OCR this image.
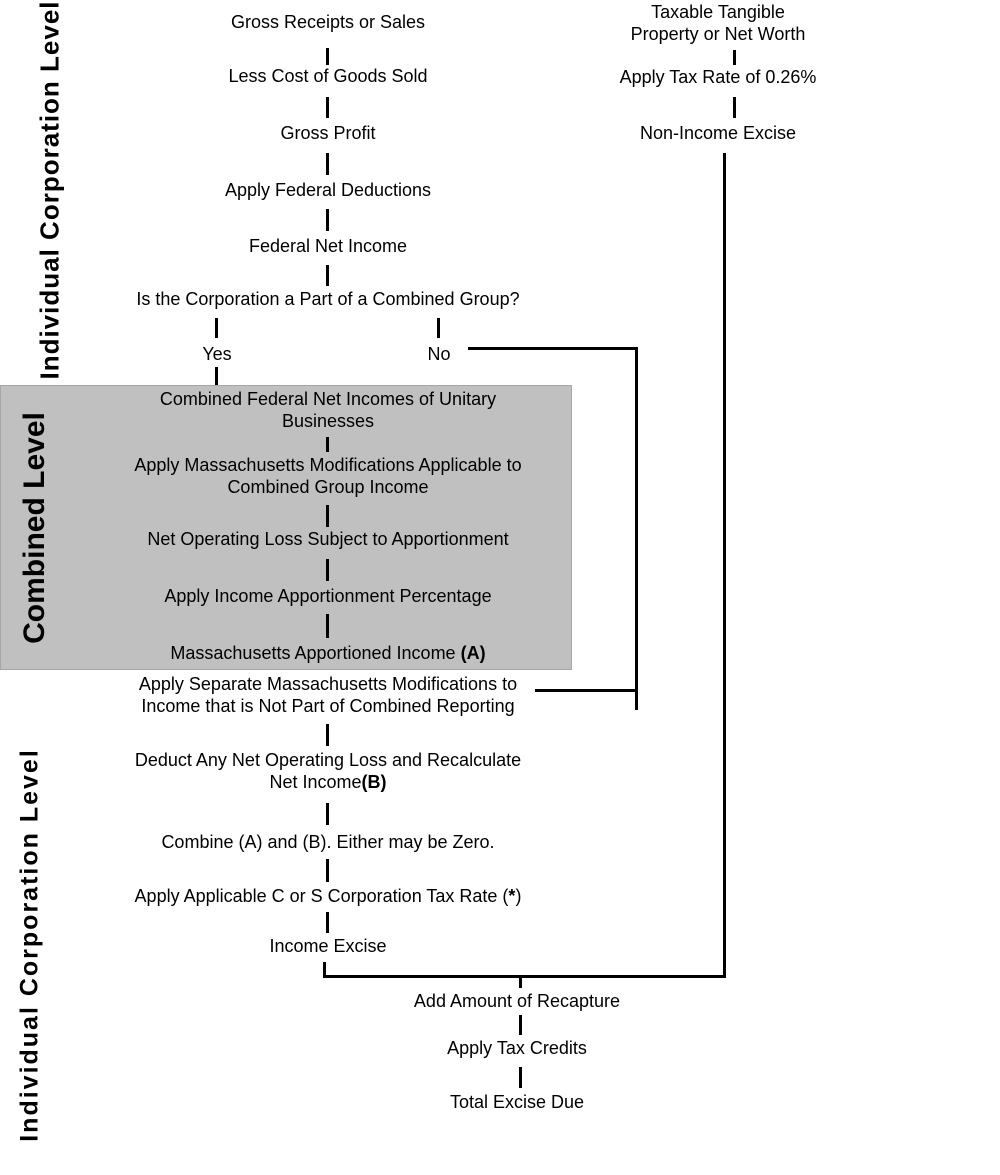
Individual Corporation Level
Combined Level
Individual Corporation Level
Gross Receipts or Sales
Less Cost of Goods Sold
Gross Profit
Apply Federal Deductions
Federal Net Income
Is the Corporation a Part of a Combined Group?
Yes	No
Combined Federal Net Incomes of Unitary
Businesses
Apply Massachusetts Modifications Applicable to
Combined Group Income
Net Operating Loss Subject to Apportionment
Apply Income Apportionment Percentage
Massachusetts Apportioned Income (A)
Apply Separate Massachusetts Modifications to
Income that is Not Part of Combined Reporting
Deduct Any Net Operating Loss and Recalculate
Net Income(B)
Combine (A) and (B). Either may be Zero.
Apply Applicable C or S Corporation Tax Rate (*)
Income Excise
Taxable Tangible
Property or Net Worth
Apply Tax Rate of 0.26%
Non-Income Excise
Add Amount of Recapture
Apply Tax Credits
Total Excise Due
